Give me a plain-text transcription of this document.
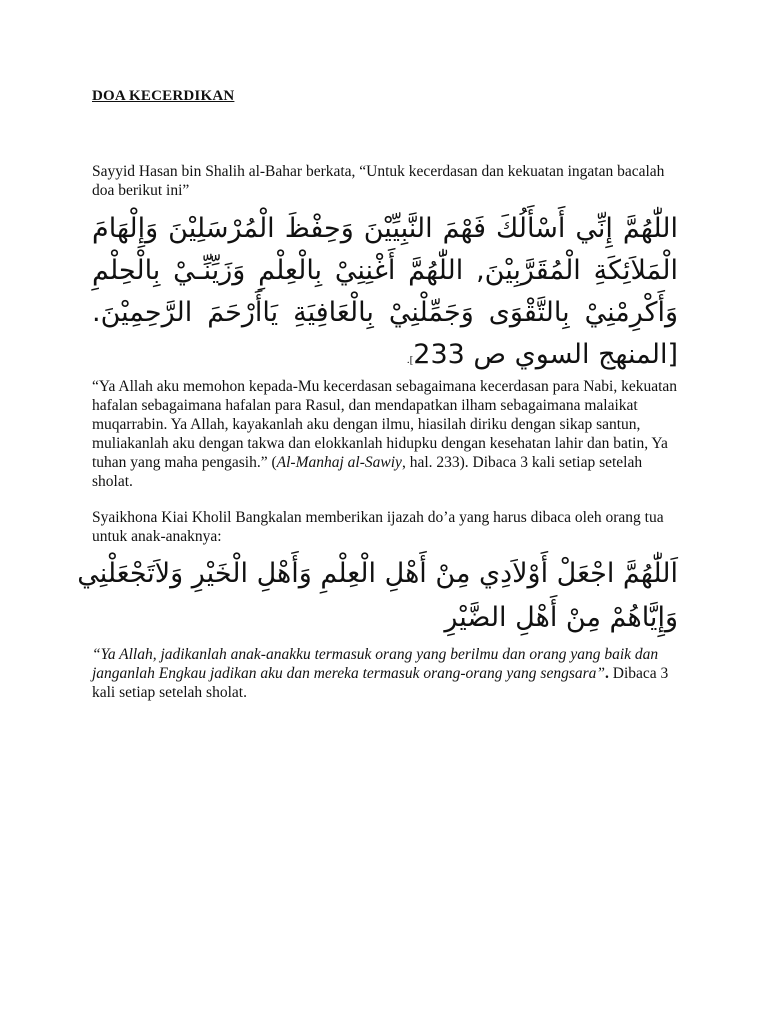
DOA KECERDIKAN
Sayyid Hasan bin Shalih al-Bahar berkata, “Untuk kecerdasan dan kekuatan ingatan bacalah doa berikut ini”
اللّٰهُمَّ إِنِّي أَسْأَلُكَ فَهْمَ النَّبِيِّيْنَ وَحِفْظَ الْمُرْسَلِيْنَ وَإِلْهَامَ
الْمَلاَئِكَةِ الْمُقَرَّبِيْنَ, اللّٰهُمَّ أَغْنِنِيْ بِالْعِلْمِ وَزَيِّنِّـيْ بِالْحِلْمِ
وَأَكْرِمْنِيْ بِالتَّقْوَى وَجَمِّلْنِيْ بِالْعَافِيَةِ يَاأَرْحَمَ الرَّحِمِيْنَ.
[المنهج السوي ص 233].
“Ya Allah aku memohon kepada-Mu kecerdasan sebagaimana kecerdasan para Nabi, kekuatan hafalan sebagaimana hafalan para Rasul, dan mendapatkan ilham sebagaimana malaikat muqarrabin. Ya Allah, kayakanlah aku dengan ilmu, hiasilah diriku dengan sikap santun, muliakanlah aku dengan takwa dan elokkanlah hidupku dengan kesehatan lahir dan batin, Ya tuhan yang maha pengasih.” (Al-Manhaj al-Sawiy, hal. 233). Dibaca 3 kali setiap setelah sholat.
Syaikhona Kiai Kholil Bangkalan memberikan ijazah do’a yang harus dibaca oleh orang tua untuk anak-anaknya:
اَللّٰهُمَّ اجْعَلْ أَوْلاَدِي مِنْ أَهْلِ الْعِلْمِ وَأَهْلِ الْخَيْرِ وَلاَتَجْعَلْنِي
وَإِيَّاهُمْ مِنْ أَهْلِ الضَّيْرِ
“Ya Allah, jadikanlah anak-anakku termasuk orang yang berilmu dan orang yang baik dan janganlah Engkau jadikan aku dan mereka termasuk orang-orang yang sengsara”. Dibaca 3 kali setiap setelah sholat.
